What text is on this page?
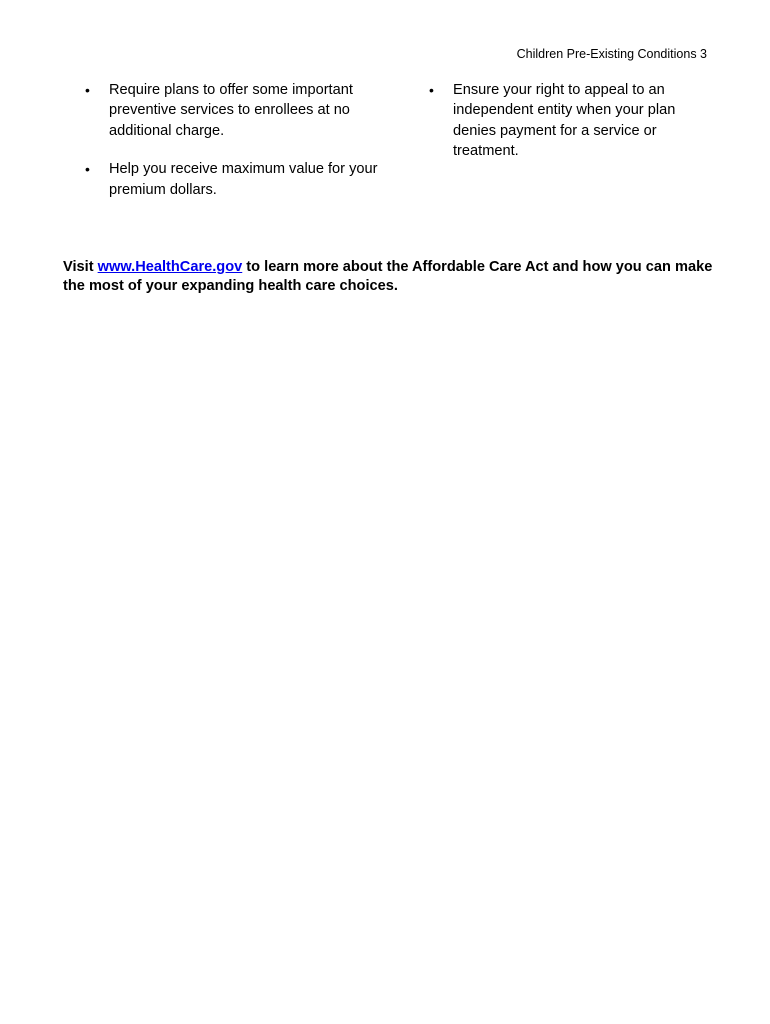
Children Pre-Existing Conditions 3
• Require plans to offer some important preventive services to enrollees at no additional charge.
• Help you receive maximum value for your premium dollars.
• Ensure your right to appeal to an independent entity when your plan denies payment for a service or treatment.

Visit www.HealthCare.gov to learn more about the Affordable Care Act and how you can make the most of your expanding health care choices.
